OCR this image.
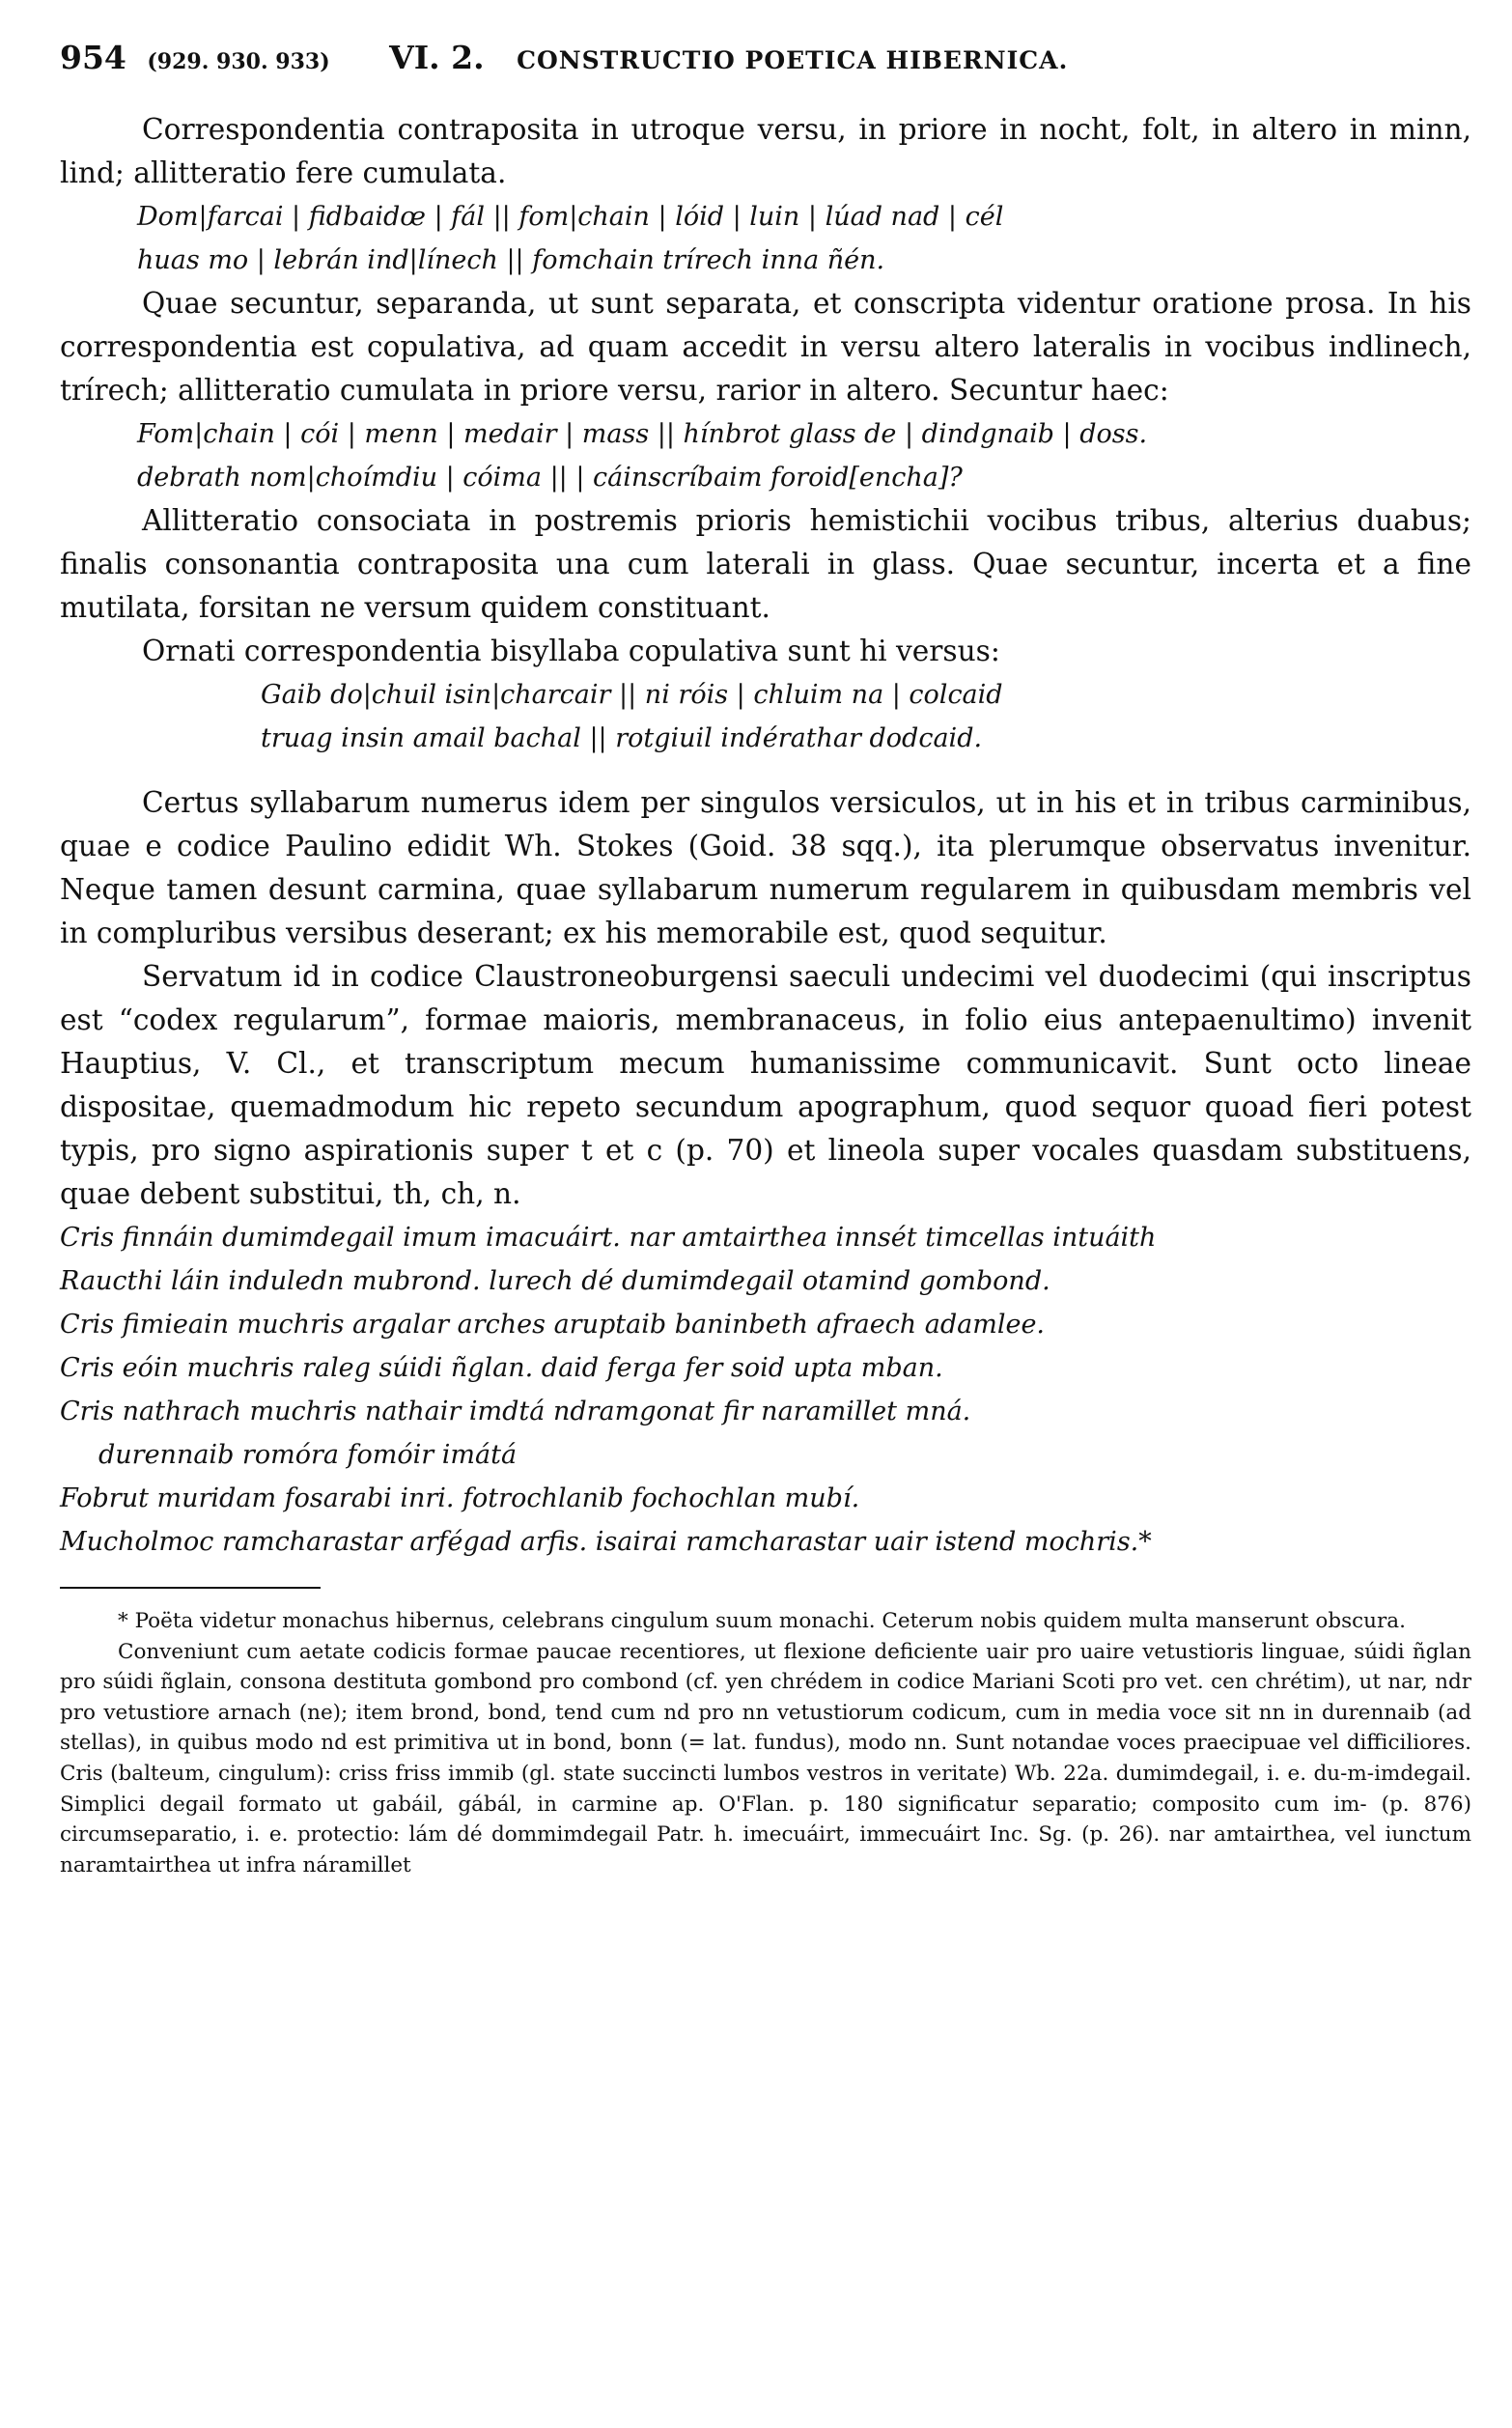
954 (929. 930. 933) VI. 2. CONSTRUCTIO POETICA HIBERNICA.

Correspondentia contraposita in utroque versu, in priore in nocht, folt, in altero in minn, lind; allitteratio fere cumulata.

Dom|farcai | fidbaidœ | fál || fom|chain | lóid | luin | lúad nad | cél

huas mo | lebrán ind|línech || fomchain trírech inna ñén.

Quae secuntur, separanda, ut sunt separata, et conscripta videntur oratione prosa. In his correspondentia est copulativa, ad quam accedit in versu altero lateralis in vocibus indlinech, trírech; allitteratio cumulata in priore versu, rarior in altero. Secuntur haec:

Fom|chain | cói | menn | medair | mass || hínbrot glass de | dindgnaib | doss.

debrath nom|choímdiu | cóima || | cáinscríbaim foroid[encha]?

Allitteratio consociata in postremis prioris hemistichii vocibus tribus, alterius duabus; finalis consonantia contraposita una cum laterali in glass. Quae secuntur, incerta et a fine mutilata, forsitan ne versum quidem constituant.

Ornati correspondentia bisyllaba copulativa sunt hi versus:

Gaib do|chuil isin|charcair || ni róis | chluim na | colcaid

truag insin amail bachal || rotgiuil indérathar dodcaid.

Certus syllabarum numerus idem per singulos versiculos, ut in his et in tribus carminibus, quae e codice Paulino edidit Wh. Stokes (Goid. 38 sqq.), ita plerumque observatus invenitur. Neque tamen desunt carmina, quae syllabarum numerum regularem in quibusdam membris vel in compluribus versibus deserant; ex his memorabile est, quod sequitur.

Servatum id in codice Claustroneoburgensi saeculi undecimi vel duodecimi (qui inscriptus est “codex regularum”, formae maioris, membranaceus, in folio eius antepaenultimo) invenit Hauptius, V. Cl., et transcriptum mecum humanissime communicavit. Sunt octo lineae dispositae, quemadmodum hic repeto secundum apographum, quod sequor quoad fieri potest typis, pro signo aspirationis super t et c (p. 70) et lineola super vocales quasdam substituens, quae debent substitui, th, ch, n.

Cris finnáin dumimdegail imum imacuáirt. nar amtairthea innsét timcellas intuáith

Raucthi láin induledn mubrond. lurech dé dumimdegail otamind gombond.

Cris fimieain muchris argalar arches aruptaib baninbeth afraech adamlee.

Cris eóin muchris raleg súidi ñglan. daid ferga fer soid upta mban.

Cris nathrach muchris nathair imdtá ndramgonat fir naramillet mná.

durennaib romóra fomóir imátá

Fobrut muridam fosarabi inri. fotrochlanib fochochlan mubí.

Mucholmoc ramcharastar arfégad arfis. isairai ramcharastar uair istend mochris.*

* Poëta videtur monachus hibernus, celebrans cingulum suum monachi. Ceterum nobis quidem multa manserunt obscura.

Conveniunt cum aetate codicis formae paucae recentiores, ut flexione deficiente uair pro uaire vetustioris linguae, súidi ñglan pro súidi ñglain, consona destituta gombond pro combond (cf. yen chrédem in codice Mariani Scoti pro vet. cen chrétim), ut nar, ndr pro vetustiore arnach (ne); item brond, bond, tend cum nd pro nn vetustiorum codicum, cum in media voce sit nn in durennaib (ad stellas), in quibus modo nd est primitiva ut in bond, bonn (= lat. fundus), modo nn. Sunt notandae voces praecipuae vel difficiliores. Cris (balteum, cingulum): criss friss immib (gl. state succincti lumbos vestros in veritate) Wb. 22a. dumimdegail, i. e. du-m-imdegail. Simplici degail formato ut gabáil, gábál, in carmine ap. O'Flan. p. 180 significatur separatio; composito cum im- (p. 876) circumseparatio, i. e. protectio: lám dé dommimdegail Patr. h. imecuáirt, immecuáirt Inc. Sg. (p. 26). nar amtairthea, vel iunctum naramtairthea ut infra náramillet
